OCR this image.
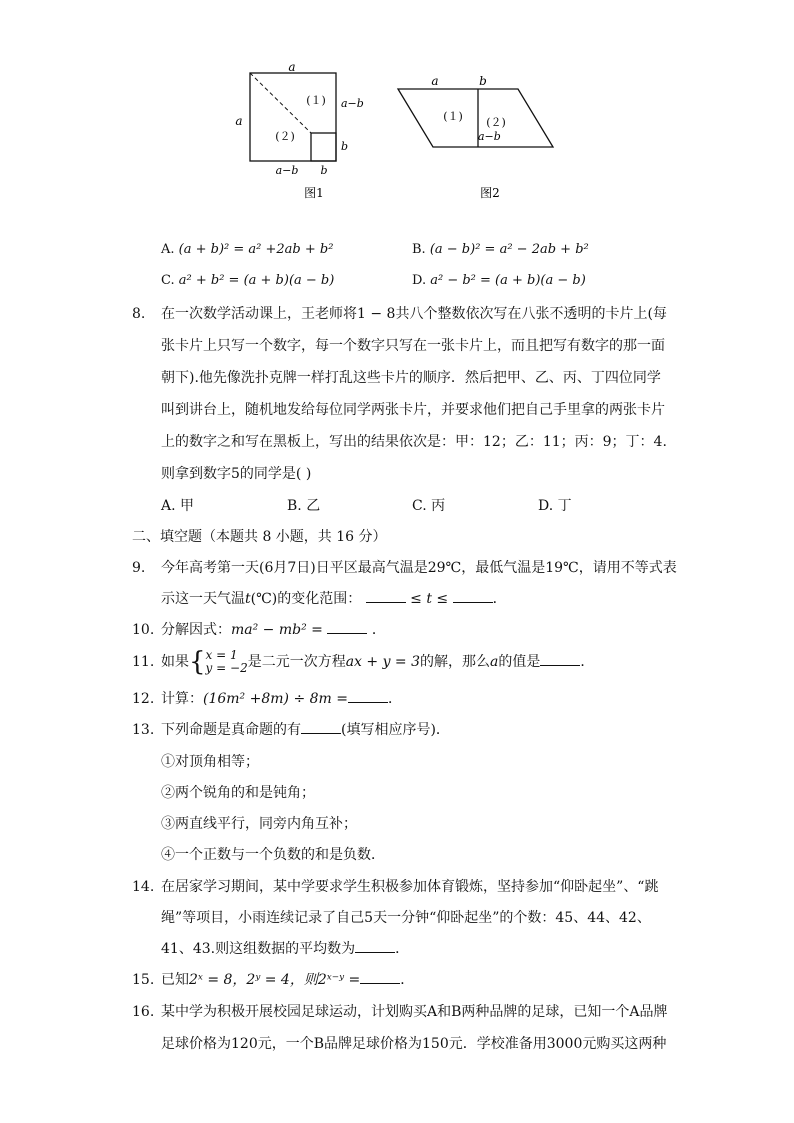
a
a
a−b
b
a−b b
(１)
(２)
图1
a	b
(１) (２)
a−b
图2
A. (a + b)² = a² +2ab + b²	B. (a − b)² = a² − 2ab + b²
C. a² + b² = (a + b)(a − b)	D. a² − b² = (a + b)(a − b)
8. 在一次数学活动课上，王老师将1 − 8共八个整数依次写在八张不透明的卡片上(每
张卡片上只写一个数字，每一个数字只写在一张卡片上，而且把写有数字的那一面
朝下).他先像洗扑克牌一样打乱这些卡片的顺序．然后把甲、乙、丙、丁四位同学
叫到讲台上，随机地发给每位同学两张卡片，并要求他们把自己手里拿的两张卡片
上的数字之和写在黑板上，写出的结果依次是：甲：12；乙：11；丙：9；丁：4.
则拿到数字5的同学是( )
A. 甲	B. 乙	C. 丙	D. 丁
二、填空题（本题共 8 小题，共 16 分）
9. 今年高考第一天(6月7日)日平区最高气温是29℃，最低气温是19℃，请用不等式表
示这一天气温t(℃)的变化范围：	≤ t ≤	．
10. 分解因式：ma² − mb² =	．
11. 如果{ x = 1
y = −2 是二元一次方程ax + y = 3的解，那么a的值是	．
12. 计算：(16m² +8m) ÷ 8m =	．
13. 下列命题是真命题的有	(填写相应序号)．
①对顶角相等；
②两个锐角的和是钝角；
③两直线平行，同旁内角互补；
④一个正数与一个负数的和是负数．
14. 在居家学习期间，某中学要求学生积极参加体育锻炼，坚持参加“仰卧起坐”、“跳
绳”等项目，小雨连续记录了自己5天一分钟“仰卧起坐”的个数：45、44、42、
41、43.则这组数据的平均数为	．
15. 已知2ˣ = 8，2ʸ = 4，则2ˣ⁻ʸ =	．
16. 某中学为积极开展校园足球运动，计划购买A和B两种品牌的足球，已知一个A品牌
足球价格为120元，一个B品牌足球价格为150元．学校准备用3000元购买这两种
